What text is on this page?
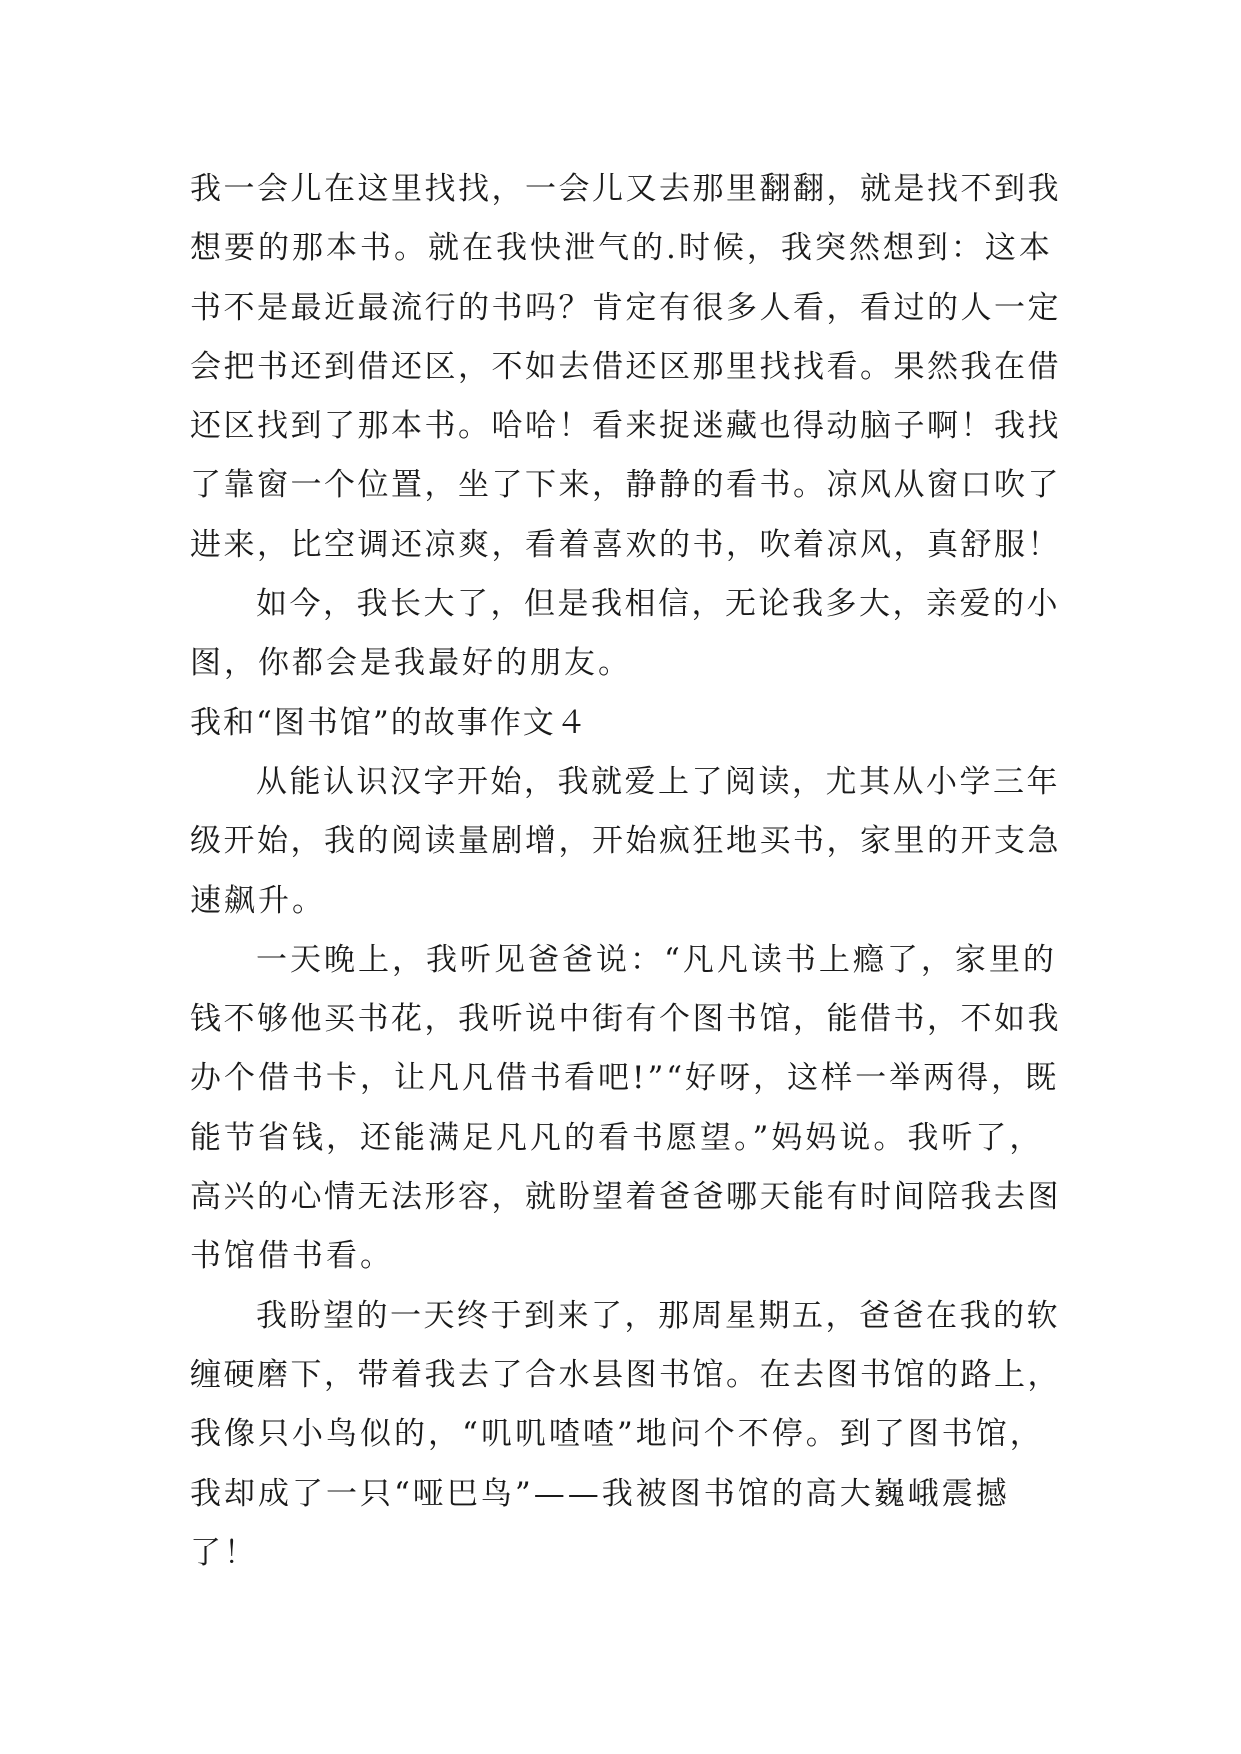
我一会儿在这里找找，一会儿又去那里翻翻，就是找不到我
想要的那本书。就在我快泄气的.时候，我突然想到：这本
书不是最近最流行的书吗？肯定有很多人看，看过的人一定
会把书还到借还区，不如去借还区那里找找看。果然我在借
还区找到了那本书。哈哈！看来捉迷藏也得动脑子啊！我找
了靠窗一个位置，坐了下来，静静的看书。凉风从窗口吹了
进来，比空调还凉爽，看着喜欢的书，吹着凉风，真舒服！
如今，我长大了，但是我相信，无论我多大，亲爱的小
图，你都会是我最好的朋友。
我和“图书馆”的故事作文４
从能认识汉字开始，我就爱上了阅读，尤其从小学三年
级开始，我的阅读量剧增，开始疯狂地买书，家里的开支急
速飙升。
一天晚上，我听见爸爸说：“凡凡读书上瘾了，家里的
钱不够他买书花，我听说中街有个图书馆，能借书，不如我
办个借书卡，让凡凡借书看吧!”“好呀，这样一举两得，既
能节省钱，还能满足凡凡的看书愿望。”妈妈说。我听了，
高兴的心情无法形容，就盼望着爸爸哪天能有时间陪我去图
书馆借书看。
我盼望的一天终于到来了，那周星期五，爸爸在我的软
缠硬磨下，带着我去了合水县图书馆。在去图书馆的路上，
我像只小鸟似的，“叽叽喳喳”地问个不停。到了图书馆，
我却成了一只“哑巴鸟”——我被图书馆的高大巍峨震撼
了！
